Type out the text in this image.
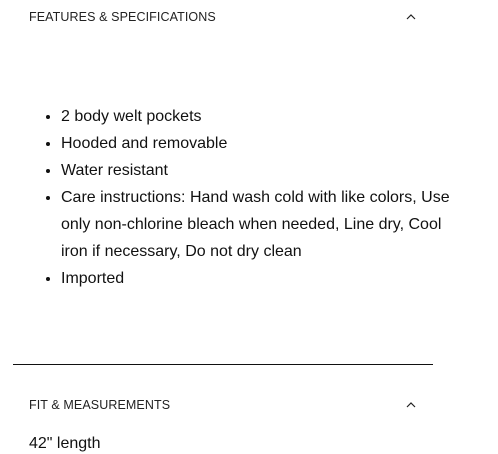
FEATURES & SPECIFICATIONS
• 2 body welt pockets
• Hooded and removable
• Water resistant
• Care instructions: Hand wash cold with like colors, Use only non-chlorine bleach when needed, Line dry, Cool iron if necessary, Do not dry clean
• Imported
FIT & MEASUREMENTS
42" length
